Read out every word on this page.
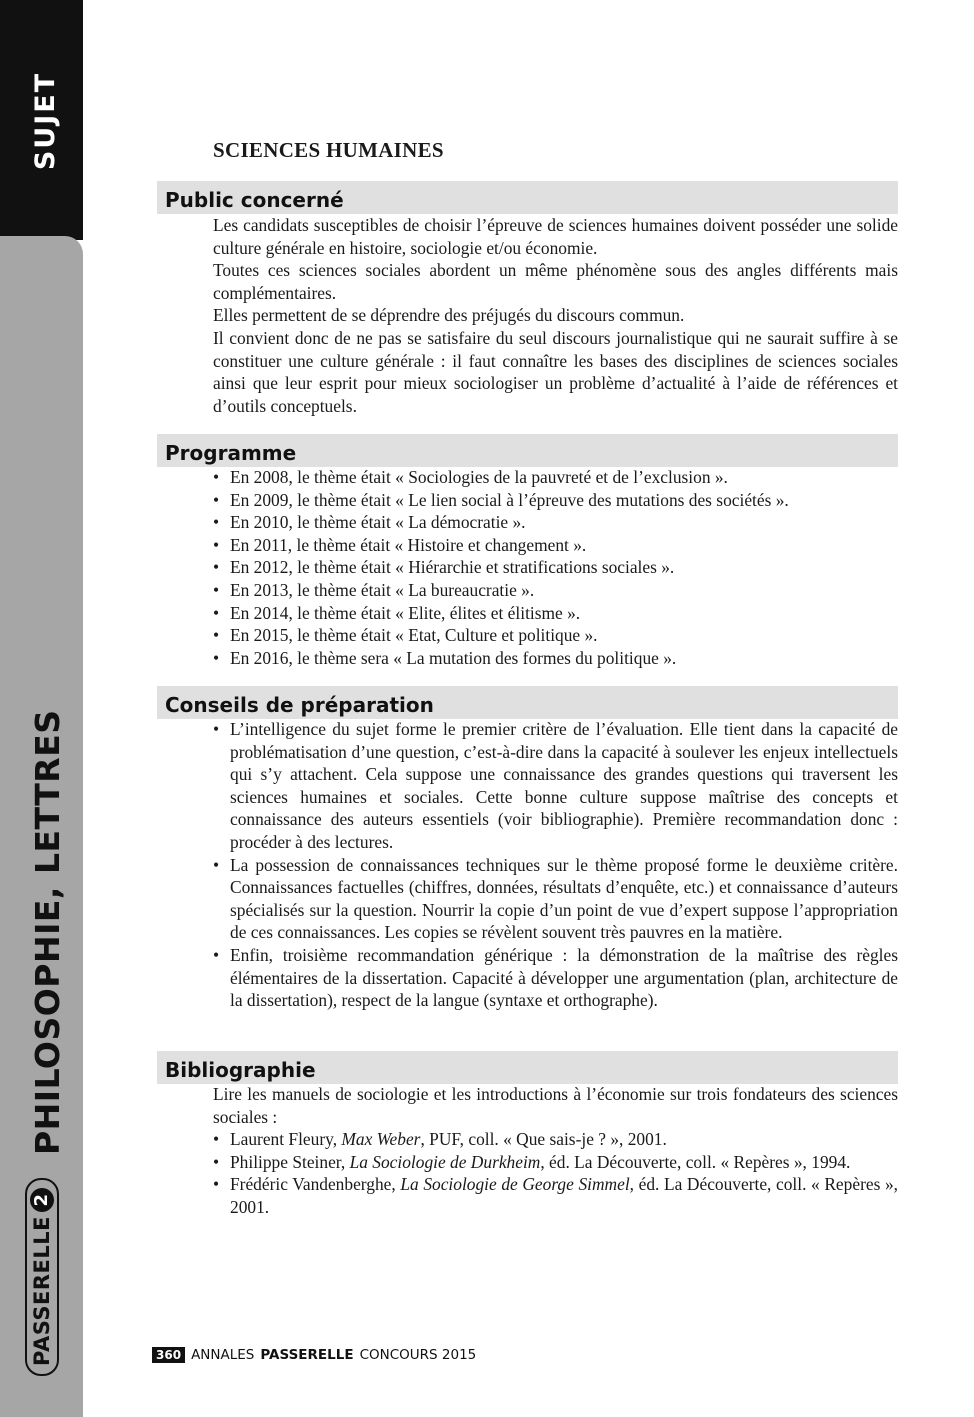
SUJET
PHILOSOPHIE, LETTRES
PASSERELLE
2
SCIENCES HUMAINES
Public concerné

Les candidats susceptibles de choisir l’épreuve de sciences humaines doivent posséder une solide culture générale en histoire, sociologie et/ou économie.

Toutes ces sciences sociales abordent un même phénomène sous des angles différents mais complémentaires.

Elles permettent de se déprendre des préjugés du discours commun.

Il convient donc de ne pas se satisfaire du seul discours journalistique qui ne saurait suffire à se constituer une culture générale : il faut connaître les bases des disciplines de sciences sociales ainsi que leur esprit pour mieux sociologiser un problème d’actualité à l’aide de références et d’outils conceptuels.

Programme
• En 2008, le thème était « Sociologies de la pauvreté et de l’exclusion ».
• En 2009, le thème était « Le lien social à l’épreuve des mutations des sociétés ».
• En 2010, le thème était « La démocratie ».
• En 2011, le thème était « Histoire et changement ».
• En 2012, le thème était « Hiérarchie et stratifications sociales ».
• En 2013, le thème était « La bureaucratie ».
• En 2014, le thème était « Elite, élites et élitisme ».
• En 2015, le thème était « Etat, Culture et politique ».
• En 2016, le thème sera « La mutation des formes du politique ».
Conseils de préparation
• L’intelligence du sujet forme le premier critère de l’évaluation. Elle tient dans la capacité de problématisation d’une question, c’est-à-dire dans la capacité à soulever les enjeux intellectuels qui s’y attachent. Cela suppose une connaissance des grandes questions qui traversent les sciences humaines et sociales. Cette bonne culture suppose maîtrise des concepts et connaissance des auteurs essentiels (voir bibliographie). Première recommandation donc : procéder à des lectures.
• La possession de connaissances techniques sur le thème proposé forme le deuxième critère. Connaissances factuelles (chiffres, données, résultats d’enquête, etc.) et connaissance d’auteurs spécialisés sur la question. Nourrir la copie d’un point de vue d’expert suppose l’appropriation de ces connaissances. Les copies se révèlent souvent très pauvres en la matière.
• Enfin, troisième recommandation générique : la démonstration de la maîtrise des règles élémentaires de la dissertation. Capacité à développer une argumentation (plan, architecture de la dissertation), respect de la langue (syntaxe et orthographe).
Bibliographie

Lire les manuels de sociologie et les introductions à l’économie sur trois fondateurs des sciences sociales :

• Laurent Fleury, Max Weber, PUF, coll. « Que sais-je ? », 2001.
• Philippe Steiner, La Sociologie de Durkheim, éd. La Découverte, coll. « Repères », 1994.
• Frédéric Vandenberghe, La Sociologie de George Simmel, éd. La Découverte, coll. « Repères », 2001.
360 ANNALES PASSERELLE CONCOURS 2015
